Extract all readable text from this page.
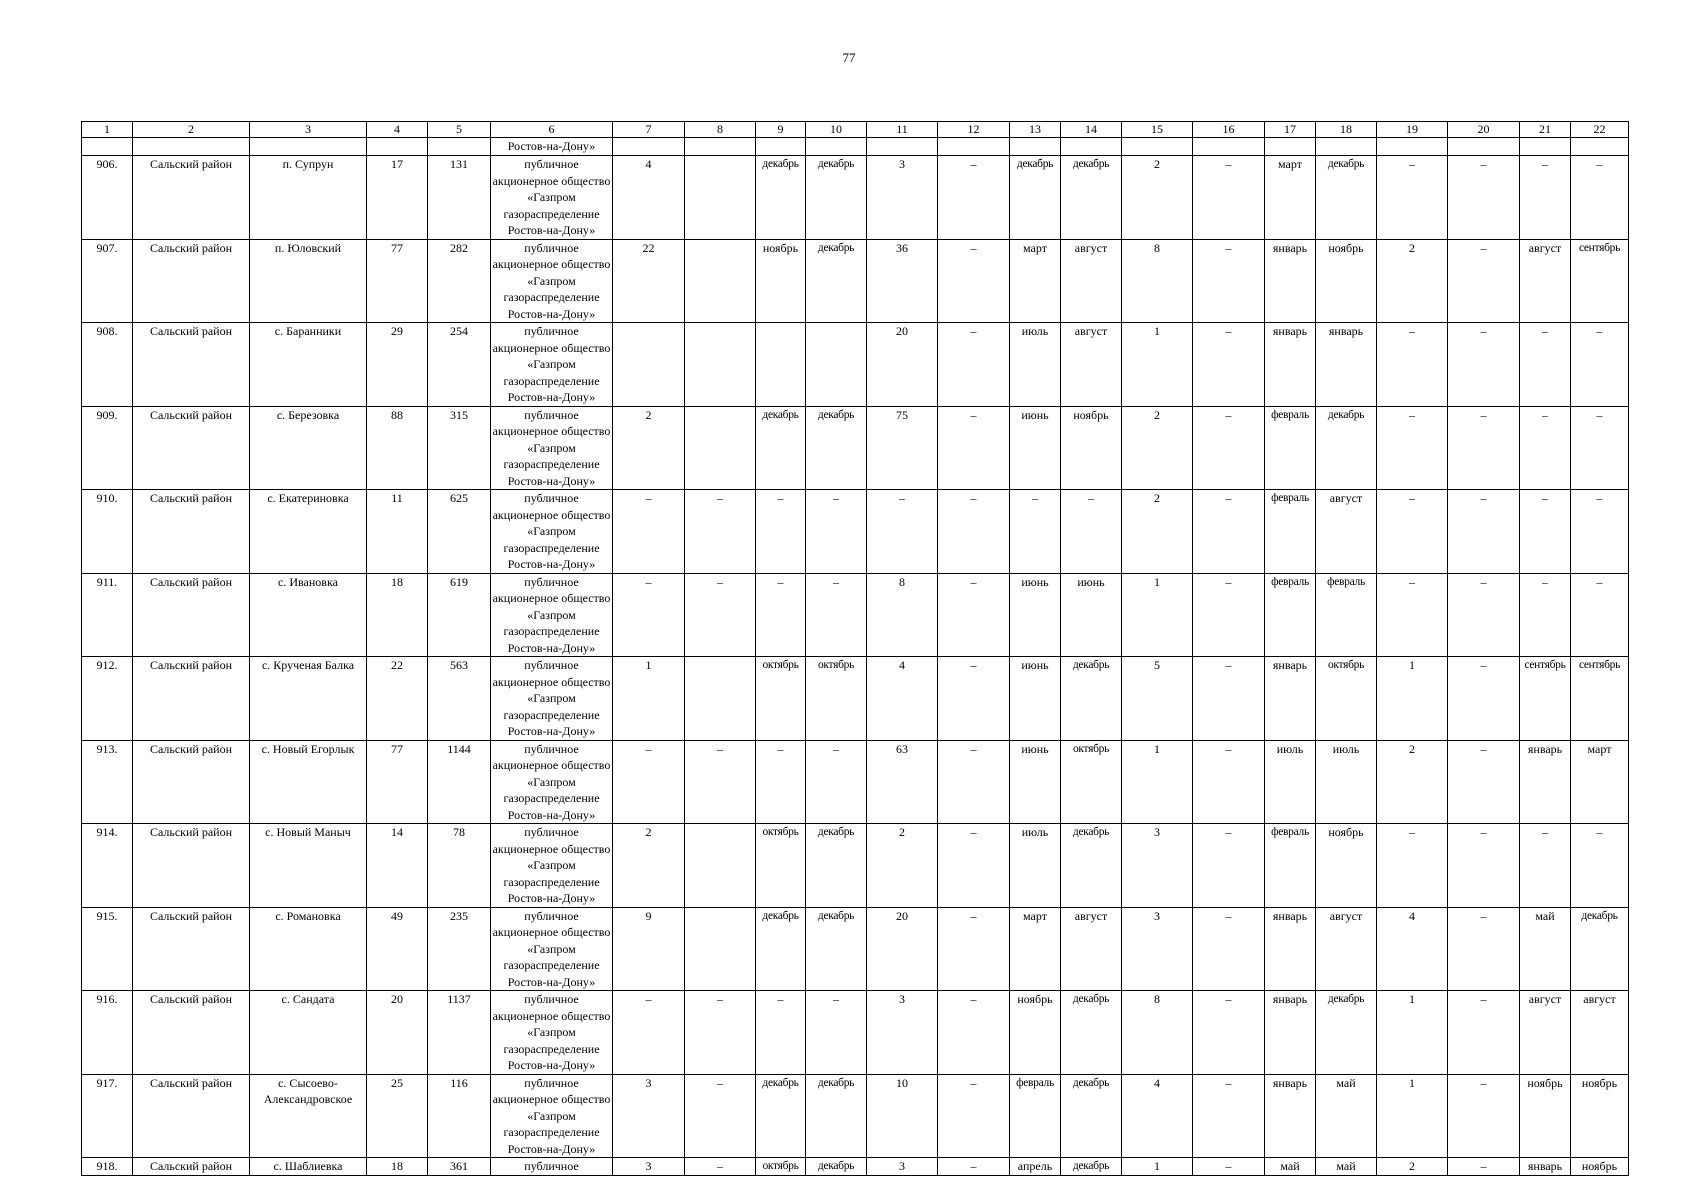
77
1	2	3	4	5	6	7	8	9	10	11	12	13	14	15	16	17	18	19	20	21	22
					Ростов-на-Дону»																
906.	Сальский район	п. Супрун	17	131	публичное акционерное общество «Газпром газораспределение Ростов-на-Дону»	4		декабрь	декабрь	3	–	декабрь	декабрь	2	–	март	декабрь	–	–	–	–
907.	Сальский район	п. Юловский	77	282	публичное акционерное общество «Газпром газораспределение Ростов-на-Дону»	22		ноябрь	декабрь	36	–	март	август	8	–	январь	ноябрь	2	–	август	сентябрь
908.	Сальский район	с. Баранники	29	254	публичное акционерное общество «Газпром газораспределение Ростов-на-Дону»					20	–	июль	август	1	–	январь	январь	–	–	–	–
909.	Сальский район	с. Березовка	88	315	публичное акционерное общество «Газпром газораспределение Ростов-на-Дону»	2		декабрь	декабрь	75	–	июнь	ноябрь	2	–	февраль	декабрь	–	–	–	–
910.	Сальский район	с. Екатериновка	11	625	публичное акционерное общество «Газпром газораспределение Ростов-на-Дону»	–	–	–	–	–	–	–	–	2	–	февраль	август	–	–	–	–
911.	Сальский район	с. Ивановка	18	619	публичное акционерное общество «Газпром газораспределение Ростов-на-Дону»	–	–	–	–	8	–	июнь	июнь	1	–	февраль	февраль	–	–	–	–
912.	Сальский район	с. Крученая Балка	22	563	публичное акционерное общество «Газпром газораспределение Ростов-на-Дону»	1		октябрь	октябрь	4	–	июнь	декабрь	5	–	январь	октябрь	1	–	сентябрь	сентябрь
913.	Сальский район	с. Новый Егорлык	77	1144	публичное акционерное общество «Газпром газораспределение Ростов-на-Дону»	–	–	–	–	63	–	июнь	октябрь	1	–	июль	июль	2	–	январь	март
914.	Сальский район	с. Новый Маныч	14	78	публичное акционерное общество «Газпром газораспределение Ростов-на-Дону»	2		октябрь	декабрь	2	–	июль	декабрь	3	–	февраль	ноябрь	–	–	–	–
915.	Сальский район	с. Романовка	49	235	публичное акционерное общество «Газпром газораспределение Ростов-на-Дону»	9		декабрь	декабрь	20	–	март	август	3	–	январь	август	4	–	май	декабрь
916.	Сальский район	с. Сандата	20	1137	публичное акционерное общество «Газпром газораспределение Ростов-на-Дону»	–	–	–	–	3	–	ноябрь	декабрь	8	–	январь	декабрь	1	–	август	август
917.	Сальский район	с. Сысоево-Александровское	25	116	публичное акционерное общество «Газпром газораспределение Ростов-на-Дону»	3	–	декабрь	декабрь	10	–	февраль	декабрь	4	–	январь	май	1	–	ноябрь	ноябрь
918.	Сальский район	с. Шаблиевка	18	361	публичное	3	–	октябрь	декабрь	3	–	апрель	декабрь	1	–	май	май	2	–	январь	ноябрь
